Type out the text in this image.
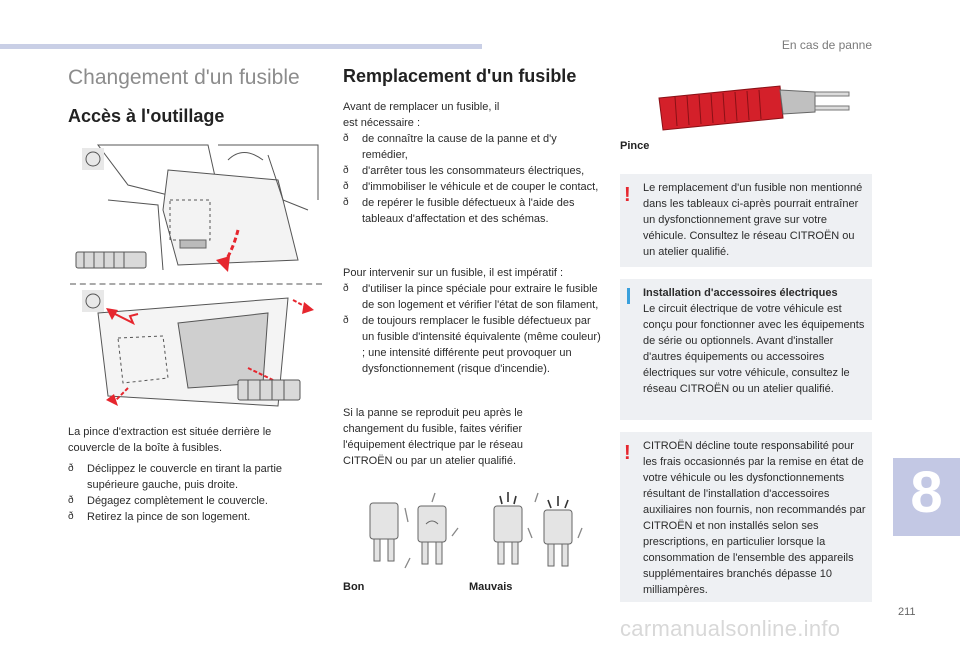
En cas de panne
8
211
carmanualsonline.info
Changement d'un fusible
Accès à l'outillage
La pince d'extraction est située derrière le couvercle de la boîte à fusibles.
ð Déclippez le couvercle en tirant la partie supérieure gauche, puis droite.
ð Dégagez complètement le couvercle.
ð Retirez la pince de son logement.
Remplacement d'un fusible
Avant de remplacer un fusible, il est nécessaire :
ð de connaître la cause de la panne et d'y remédier,
ð d'arrêter tous les consommateurs électriques,
ð d'immobiliser le véhicule et de couper le contact,
ð de repérer le fusible défectueux à l'aide des tableaux d'affectation et des schémas.
Pour intervenir sur un fusible, il est impératif :
ð d'utiliser la pince spéciale pour extraire le fusible de son logement et vérifier l'état de son filament,
ð de toujours remplacer le fusible défectueux par un fusible d'intensité équivalente (même couleur) ; une intensité différente peut provoquer un dysfonctionnement (risque d'incendie).
Si la panne se reproduit peu après le changement du fusible, faites vérifier l'équipement électrique par le réseau CITROËN ou par un atelier qualifié.
Bon	Mauvais
Pince
! Le remplacement d'un fusible non mentionné dans les tableaux ci-après pourrait entraîner un dysfonctionnement grave sur votre véhicule. Consultez le réseau CITROËN ou un atelier qualifié.
Installation d'accessoires électriques
Le circuit électrique de votre véhicule est conçu pour fonctionner avec les équipements de série ou optionnels. Avant d'installer d'autres équipements ou accessoires électriques sur votre véhicule, consultez le réseau CITROËN ou un atelier qualifié.
! CITROËN décline toute responsabilité pour les frais occasionnés par la remise en état de votre véhicule ou les dysfonctionnements résultant de l'installation d'accessoires auxiliaires non fournis, non recommandés par CITROËN et non installés selon ses prescriptions, en particulier lorsque la consommation de l'ensemble des appareils supplémentaires branchés dépasse 10 milliampères.
